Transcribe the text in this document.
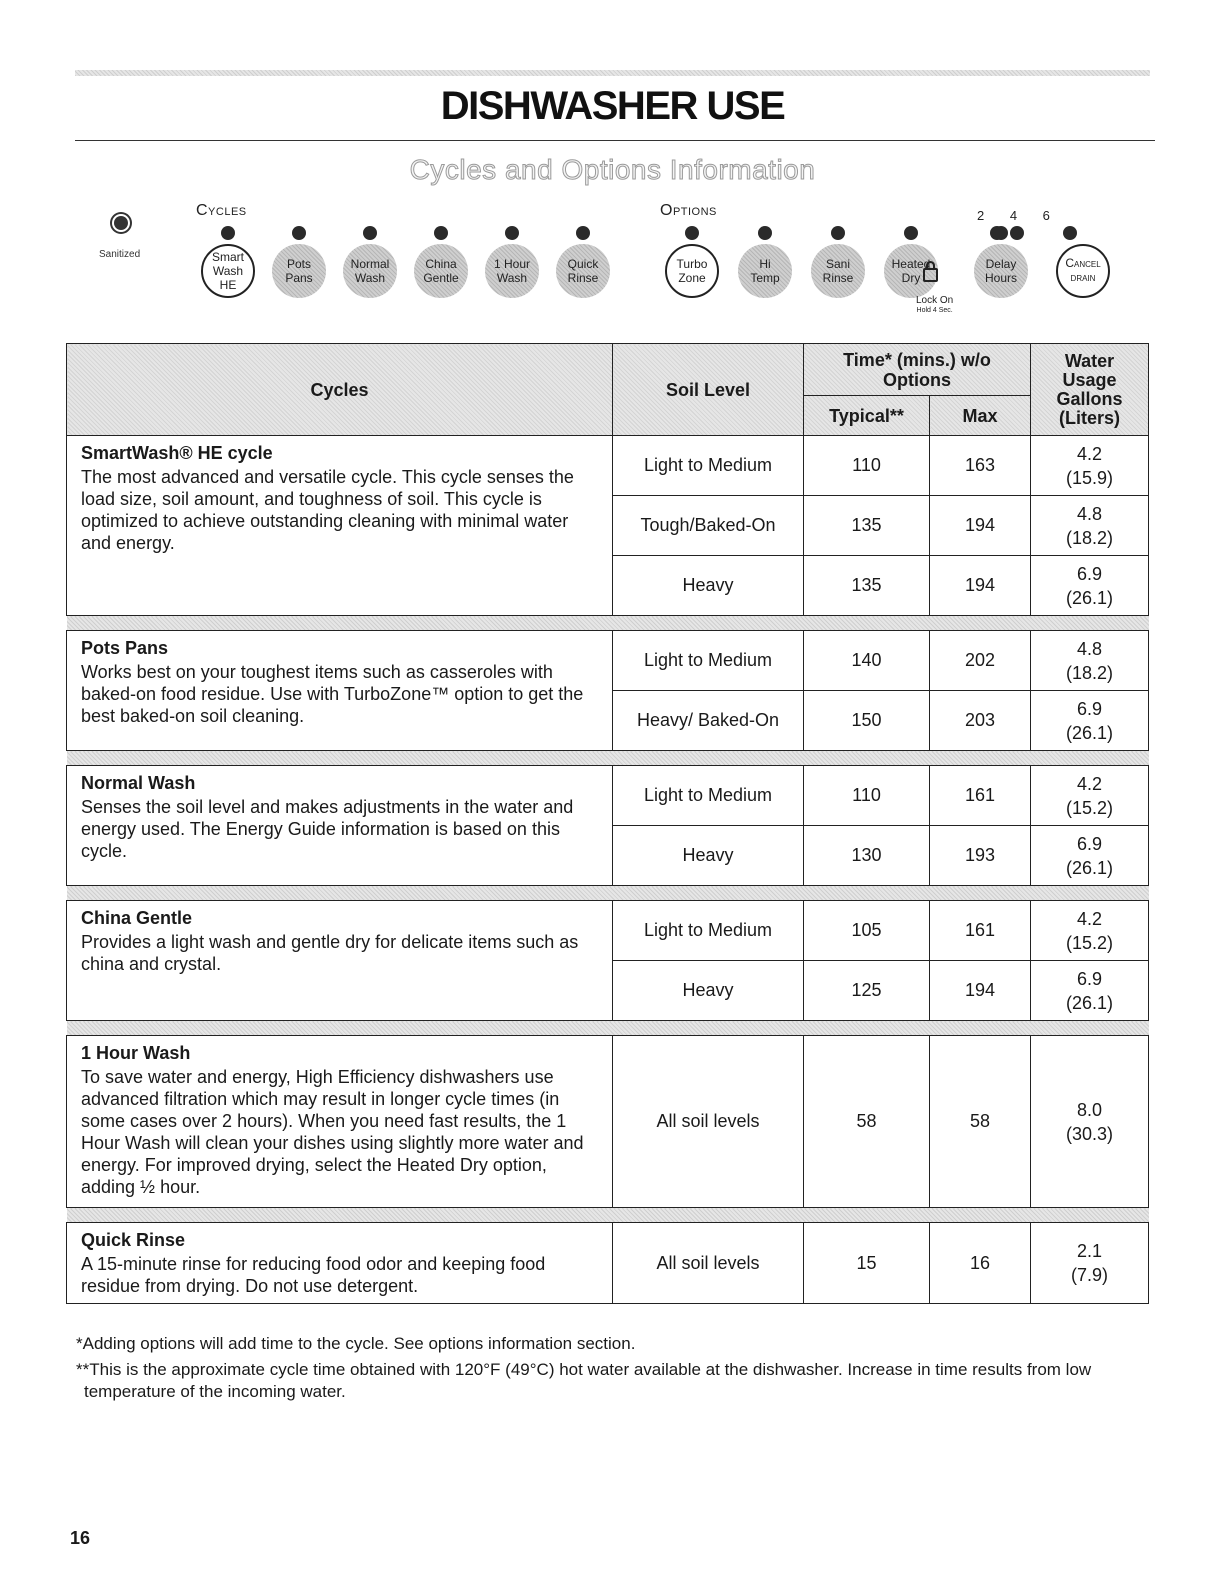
DISHWASHER USE
Cycles and Options Information
Cycles	Options
Sanitized	Smart
Wash HE
Pots
Pans
Normal
Wash
China
Gentle
1 Hour
Wash
Quick
Rinse
Turbo
Zone
Hi
Temp
Sani
Rinse
Heated
Dry
Delay
Hours
Cancel
DRAIN
2 4 6
Lock On
Hold 4 Sec.
Cycles	Soil Level	Time* (mins.) w/o Options		Water Usage Gallons (Liters)

		Typical**	Max	

SmartWash® HE cycle
The most advanced and versatile cycle. This cycle senses the load size, soil amount, and toughness of soil. This cycle is optimized to achieve outstanding cleaning with minimal water and energy.	Light to Medium	110	163	4.2
(15.9)

	Tough/Baked-On	135	194	4.8
(18.2)

	Heavy	135	194	6.9
(26.1)

Pots Pans
Works best on your toughest items such as casseroles with baked-on food residue. Use with TurboZone™ option to get the best baked-on soil cleaning.	Light to Medium	140	202	4.8
(18.2)

	Heavy/ Baked-On	150	203	6.9
(26.1)

Normal Wash
Senses the soil level and makes adjustments in the water and energy used. The Energy Guide information is based on this cycle.	Light to Medium	110	161	4.2
(15.2)

	Heavy	130	193	6.9
(26.1)

China Gentle
Provides a light wash and gentle dry for delicate items such as china and crystal.	Light to Medium	105	161	4.2
(15.2)

	Heavy	125	194	6.9
(26.1)

1 Hour Wash
To save water and energy, High Efficiency dishwashers use advanced filtration which may result in longer cycle times (in some cases over 2 hours). When you need fast results, the 1 Hour Wash will clean your dishes using slightly more water and energy. For improved drying, select the Heated Dry option, adding ½ hour.	All soil levels	58	58	8.0
(30.3)

Quick Rinse
A 15-minute rinse for reducing food odor and keeping food residue from drying. Do not use detergent.	All soil levels	15	16	2.1
(7.9)
*Adding options will add time to the cycle. See options information section.
**This is the approximate cycle time obtained with 120°F (49°C) hot water available at the dishwasher. Increase in time results from low temperature of the incoming water.
16
